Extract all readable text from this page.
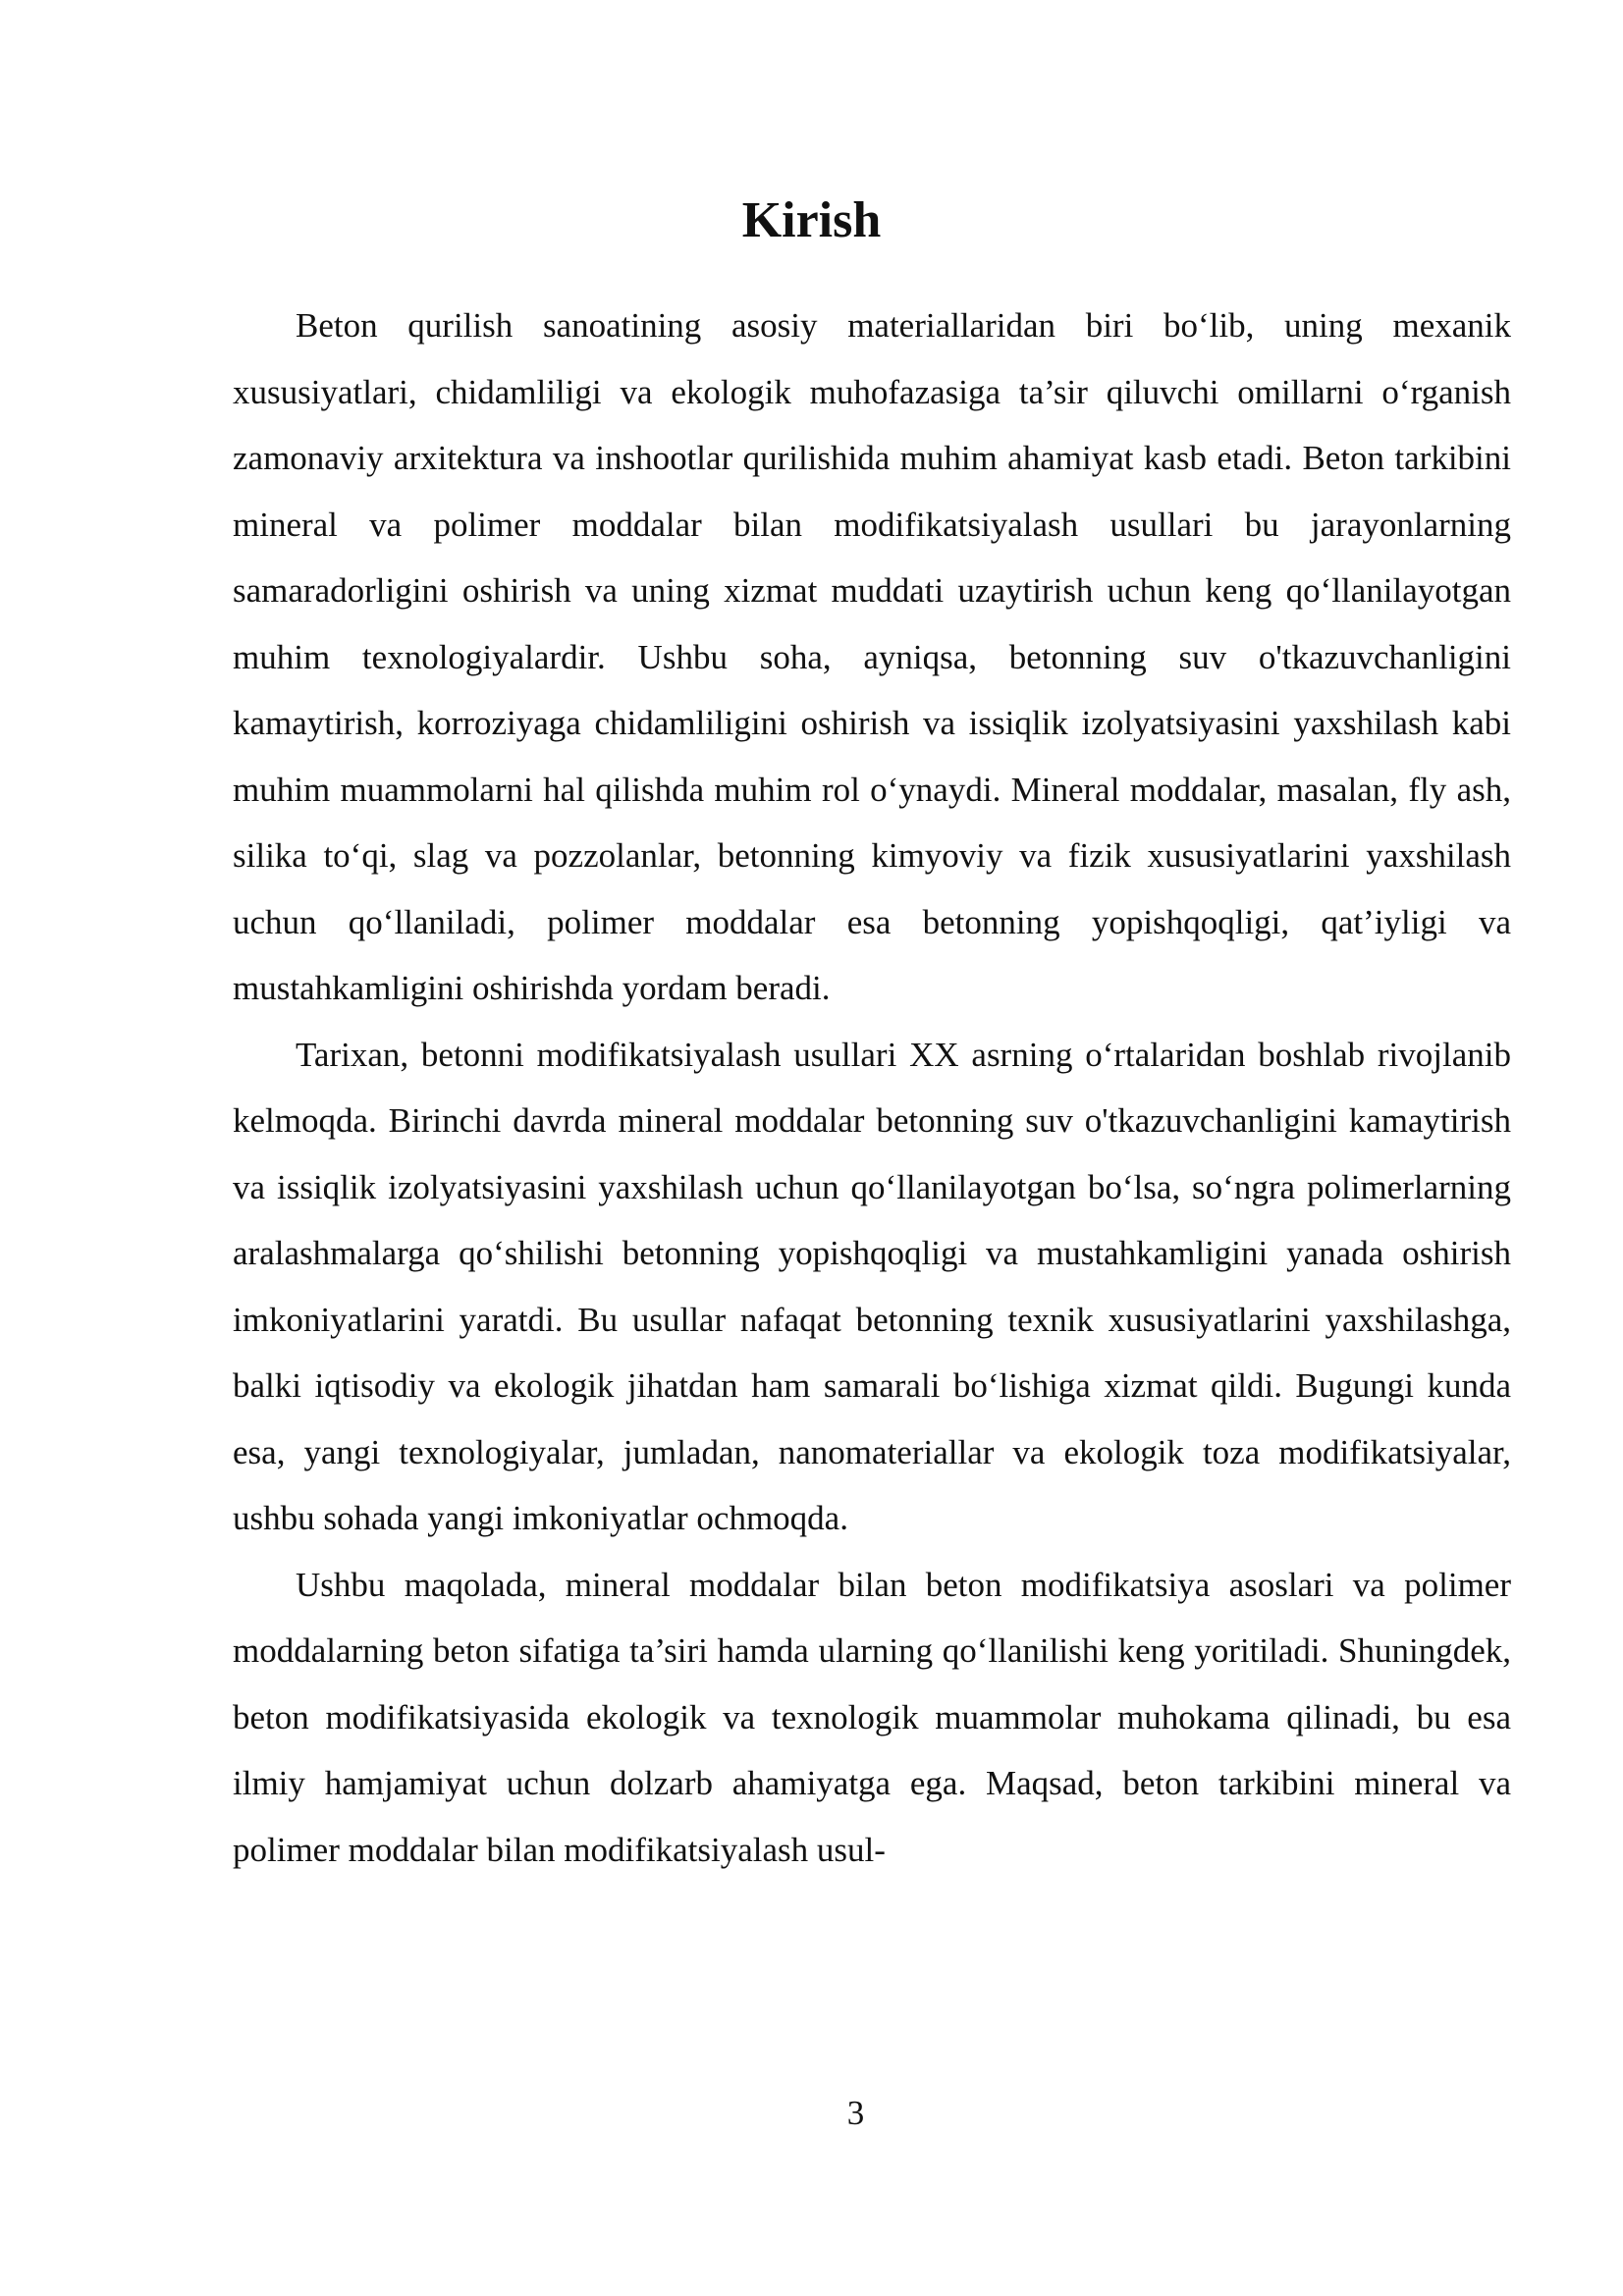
Kirish

Beton qurilish sanoatining asosiy materiallaridan biri bo‘lib, uning mexanik xususiyatlari, chidamliligi va ekologik muhofazasiga ta’sir qiluvchi omillarni o‘rganish zamonaviy arxitektura va inshootlar qurilishida muhim ahamiyat kasb etadi. Beton tarkibini mineral va polimer moddalar bilan modifikatsiyalash usullari bu jarayonlarning samaradorligini oshirish va uning xizmat muddati uzaytirish uchun keng qo‘llanilayotgan muhim texnologiyalardir. Ushbu soha, ayniqsa, betonning suv o'tkazuvchanligini kamaytirish, korroziyaga chidamliligini oshirish va issiqlik izolyatsiyasini yaxshilash kabi muhim muammolarni hal qilishda muhim rol o‘ynaydi. Mineral moddalar, masalan, fly ash, silika to‘qi, slag va pozzolanlar, betonning kimyoviy va fizik xususiyatlarini yaxshilash uchun qo‘llaniladi, polimer moddalar esa betonning yopishqoqligi, qat’iyligi va mustahkamligini oshirishda yordam beradi.

Tarixan, betonni modifikatsiyalash usullari XX asrning o‘rtalaridan boshlab rivojlanib kelmoqda. Birinchi davrda mineral moddalar betonning suv o'tkazuvchanligini kamaytirish va issiqlik izolyatsiyasini yaxshilash uchun qo‘llanilayotgan bo‘lsa, so‘ngra polimerlarning aralashmalarga qo‘shilishi betonning yopishqoqligi va mustahkamligini yanada oshirish imkoniyatlarini yaratdi. Bu usullar nafaqat betonning texnik xususiyatlarini yaxshilashga, balki iqtisodiy va ekologik jihatdan ham samarali bo‘lishiga xizmat qildi. Bugungi kunda esa, yangi texnologiyalar, jumladan, nanomateriallar va ekologik toza modifikatsiyalar, ushbu sohada yangi imkoniyatlar ochmoqda.

Ushbu maqolada, mineral moddalar bilan beton modifikatsiya asoslari va polimer moddalarning beton sifatiga ta’siri hamda ularning qo‘llanilishi keng yoritiladi. Shuningdek, beton modifikatsiyasida ekologik va texnologik muammolar muhokama qilinadi, bu esa ilmiy hamjamiyat uchun dolzarb ahamiyatga ega. Maqsad, beton tarkibini mineral va polimer moddalar bilan modifikatsiyalash usul-

3
